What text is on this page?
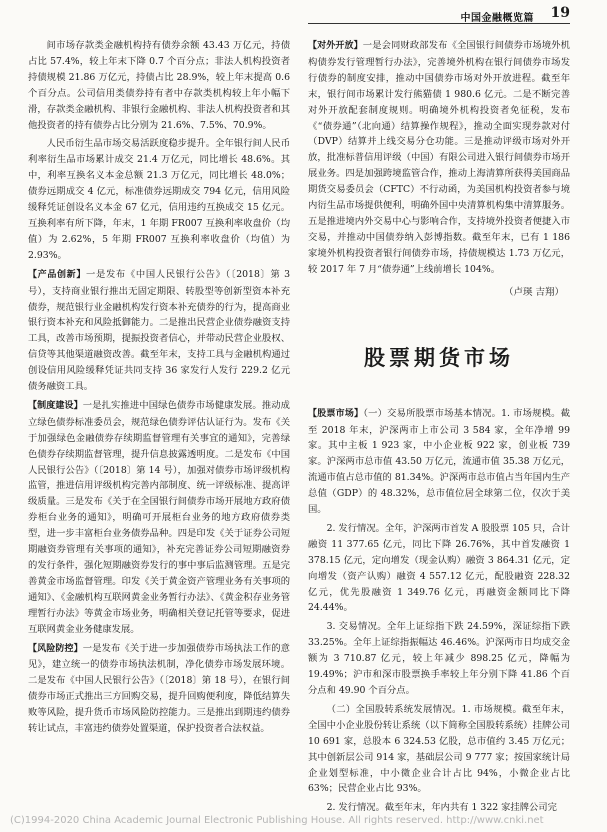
中国金融概览篇 19

间市场存款类金融机构持有债券余额 43.43 万亿元，持债占比 57.4%，较上年末下降 0.7 个百分点；非法人机构投资者持债规模 21.86 万亿元，持债占比 28.9%，较上年末提高 0.6 个百分点。公司信用类债券持有者中存款类机构较上年小幅下滑，存款类金融机构、非银行金融机构、非法人机构投资者和其他投资者的持有债券占比分别为 21.6%、7.5%、70.9%。

人民币衍生品市场交易活跃度稳步提升。全年银行间人民币利率衍生品市场累计成交 21.4 万亿元，同比增长 48.6%。其中，利率互换名义本金总额 21.3 万亿元，同比增长 48.0%；债券远期成交 4 亿元，标准债券远期成交 794 亿元，信用风险缓释凭证创设名义本金 67 亿元，信用违约互换成交 15 亿元。互换利率有所下降，年末，1 年期 FR007 互换利率收盘价（均值）为 2.62%，5 年期 FR007 互换利率收盘价（均值）为 2.93%。

【产品创新】一是发布《中国人民银行公告》（〔2018〕第 3 号），支持商业银行推出无固定期限、转股型等创新型资本补充债券，规范银行业金融机构发行资本补充债券的行为，提高商业银行资本补充和风险抵御能力。二是推出民营企业债券融资支持工具，改善市场预期，提振投资者信心，并带动民营企业股权、信贷等其他渠道融资改善。截至年末，支持工具与金融机构通过创设信用风险缓释凭证共同支持 36 家发行人发行 229.2 亿元债务融资工具。

【制度建设】一是扎实推进中国绿色债券市场健康发展。推动成立绿色债券标准委员会，规范绿色债券评估认证行为。发布《关于加强绿色金融债券存续期监督管理有关事宜的通知》，完善绿色债券存续期监督管理，提升信息披露透明度。二是发布《中国人民银行公告》（〔2018〕第 14 号），加强对债券市场评级机构监管，推进信用评级机构完善内部制度、统一评级标准、提高评级质量。三是发布《关于在全国银行间债券市场开展地方政府债券柜台业务的通知》，明确可开展柜台业务的地方政府债券类型，进一步丰富柜台业务债券品种。四是印发《关于证券公司短期融资券管理有关事项的通知》，补充完善证券公司短期融资券的发行条件，强化短期融资券发行的事中事后监测管理。五是完善黄金市场监督管理。印发《关于黄金资产管理业务有关事项的通知》、《金融机构互联网黄金业务暂行办法》、《黄金积存业务管理暂行办法》等黄金市场业务，明确相关登记托管等要求，促进互联网黄金业务健康发展。

【风险防控】一是发布《关于进一步加强债券市场执法工作的意见》，建立统一的债券市场执法机制，净化债券市场发展环境。二是发布《中国人民银行公告》（〔2018〕第 18 号），在银行间债券市场正式推出三方回购交易，提升回购便利度，降低结算失败等风险，提升货币市场风险防控能力。三是推出到期违约债券转让试点，丰富违约债券处置渠道，保护投资者合法权益。

【对外开放】一是会同财政部发布《全国银行间债券市场境外机构债券发行管理暂行办法》，完善境外机构在银行间债券市场发行债券的制度安排，推动中国债券市场对外开放进程。截至年末，银行间市场累计发行熊猫债 1 980.6 亿元。二是不断完善对外开放配套制度规则。明确境外机构投资者免征税，发布《“债券通”（北向通）结算操作规程》，推动全面实现券款对付（DVP）结算并上线交易分仓功能。三是推动评级市场对外开放，批准标普信用评级（中国）有限公司进入银行间债券市场开展业务。四是加强跨境监管合作，推动上海清算所获得美国商品期货交易委员会（CFTC）不行动函，为美国机构投资者参与境内衍生品市场提供便利，明确外国中央清算机构集中清算服务。五是推进境内外交易中心与影响合作，支持境外投资者便捷入市交易，并推动中国债券纳入彭博指数。截至年末，已有 1 186 家境外机构投资者银行间债券市场，持债规模达 1.73 万亿元，较 2017 年 7 月“债券通”上线前增长 104%。

（卢瑛 吉翔）
股票期货市场

【股票市场】（一）交易所股票市场基本情况。1. 市场规模。截至 2018 年末，沪深两市上市公司 3 584 家，全年净增 99 家。其中主板 1 923 家，中小企业板 922 家，创业板 739 家。沪深两市总市值 43.50 万亿元，流通市值 35.38 万亿元，流通市值占总市值的 81.34%。沪深两市总市值占当年国内生产总值（GDP）的 48.32%，总市值位居全球第二位，仅次于美国。

2. 发行情况。全年，沪深两市首发 A 股股票 105 只，合计融资 11 377.65 亿元，同比下降 26.76%，其中首发融资 1 378.15 亿元，定向增发（现金认购）融资 3 864.31 亿元，定向增发（资产认购）融资 4 557.12 亿元，配股融资 228.32 亿元，优先股融资 1 349.76 亿元，再融资金额同比下降 24.44%。

3. 交易情况。全年上证综指下跌 24.59%，深证综指下跌 33.25%。全年上证综指振幅达 46.46%。沪深两市日均成交金额为 3 710.87 亿元，较上年减少 898.25 亿元，降幅为 19.49%；沪市和深市股票换手率较上年分别下降 41.86 个百分点和 49.90 个百分点。

（二）全国股转系统发展情况。1. 市场规模。截至年末，全国中小企业股份转让系统（以下简称全国股转系统）挂牌公司 10 691 家，总股本 6 324.53 亿股，总市值约 3.45 万亿元；其中创新层公司 914 家，基础层公司 9 777 家；按国家统计局企业划型标准，中小微企业合计占比 94%，小微企业占比 63%；民营企业占比 93%。

2. 发行情况。截至年末，年内共有 1 322 家挂牌公司完

(C)1994-2020 China Academic Journal Electronic Publishing House. All rights reserved. http://www.cnki.net
